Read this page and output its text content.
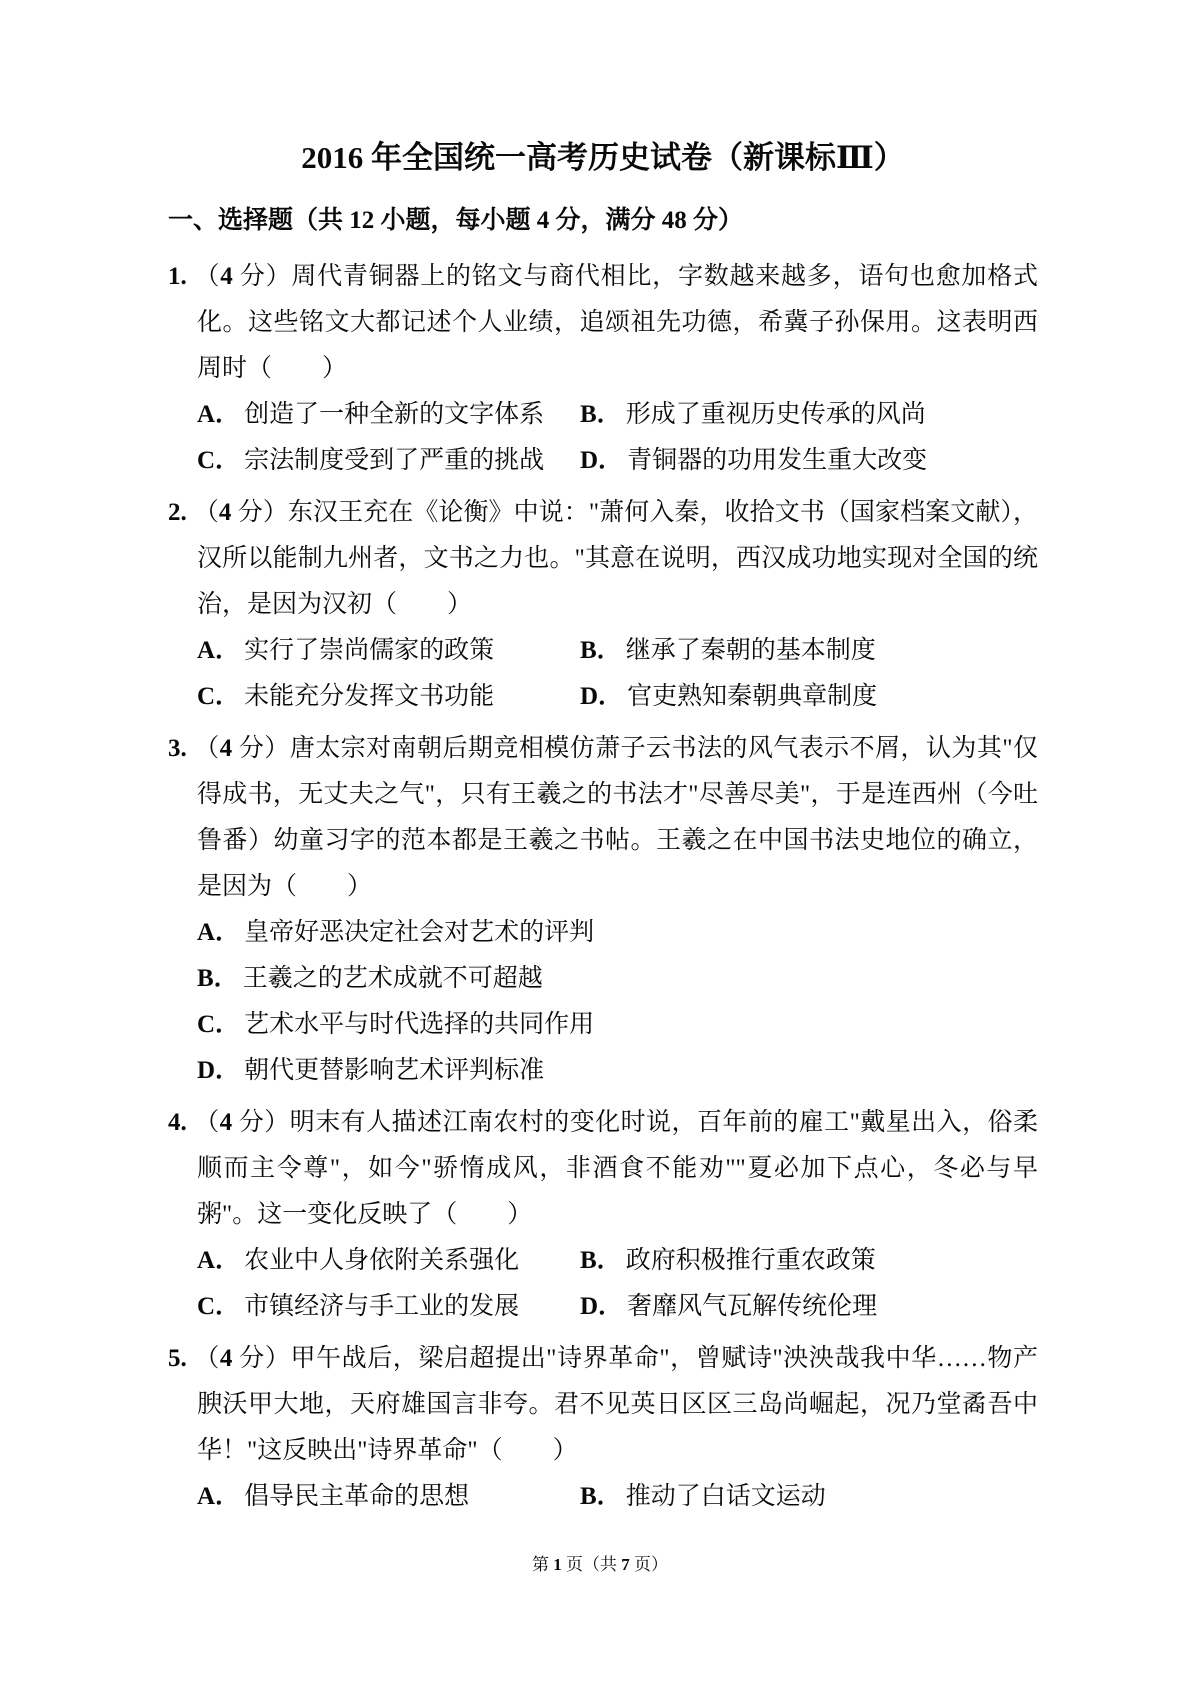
2016 年全国统一高考历史试卷（新课标Ⅲ）
一、选择题（共 12 小题，每小题 4 分，满分 48 分）

1. （4 分）周代青铜器上的铭文与商代相比，字数越来越多，语句也愈加格式化。这些铭文大都记述个人业绩，追颂祖先功德，希冀子孙保用。这表明西周时（　　）

A． 创造了一种全新的文字体系	B． 形成了重视历史传承的风尚
C． 宗法制度受到了严重的挑战	D． 青铜器的功用发生重大改变

2. （4 分）东汉王充在《论衡》中说："萧何入秦，收拾文书（国家档案文献），汉所以能制九州者，文书之力也。"其意在说明，西汉成功地实现对全国的统治，是因为汉初（　　）

A． 实行了崇尚儒家的政策	B． 继承了秦朝的基本制度
C． 未能充分发挥文书功能	D． 官吏熟知秦朝典章制度

3. （4 分）唐太宗对南朝后期竞相模仿萧子云书法的风气表示不屑，认为其"仅得成书，无丈夫之气"，只有王羲之的书法才"尽善尽美"，于是连西州（今吐鲁番）幼童习字的范本都是王羲之书帖。王羲之在中国书法史地位的确立，是因为（　　）

A． 皇帝好恶决定社会对艺术的评判
B． 王羲之的艺术成就不可超越
C． 艺术水平与时代选择的共同作用
D． 朝代更替影响艺术评判标准

4. （4 分）明末有人描述江南农村的变化时说，百年前的雇工"戴星出入，俗柔顺而主令尊"，如今"骄惰成风，非酒食不能劝""夏必加下点心，冬必与早粥"。这一变化反映了（　　）

A． 农业中人身依附关系强化	B． 政府积极推行重农政策
C． 市镇经济与手工业的发展	D． 奢靡风气瓦解传统伦理

5. （4 分）甲午战后，梁启超提出"诗界革命"，曾赋诗"泱泱哉我中华……物产腴沃甲大地，天府雄国言非夸。君不见英日区区三岛尚崛起，况乃堂矞吾中华！"这反映出"诗界革命"（　　）

A． 倡导民主革命的思想	B． 推动了白话文运动
第 1 页（共 7 页）
